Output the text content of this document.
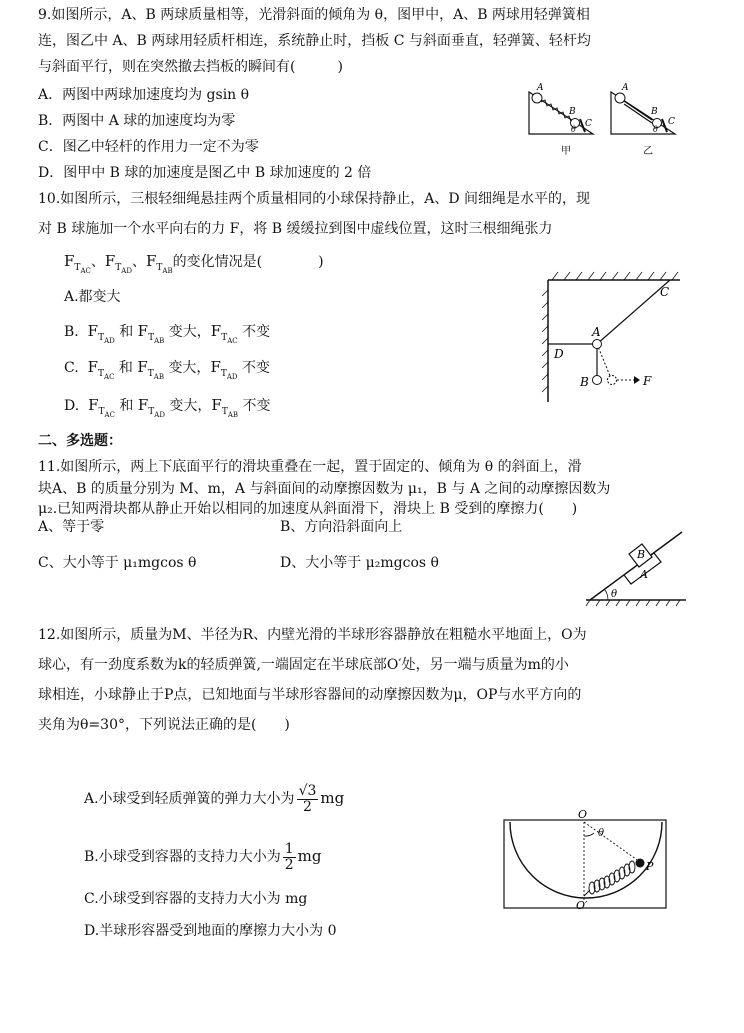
9.如图所示，A、B 两球质量相等，光滑斜面的倾角为 θ，图甲中，A、B 两球用轻弹簧相
连，图乙中 A、B 两球用轻质杆相连，系统静止时，挡板 C 与斜面垂直，轻弹簧、轻杆均
与斜面平行，则在突然撤去挡板的瞬间有(　　　)
A．两图中两球加速度均为 gsin θ
B．两图中 A 球的加速度均为零
C．图乙中轻杆的作用力一定不为零
D．图甲中 B 球的加速度是图乙中 B 球加速度的 2 倍
A
B
C
θ
甲
A
B
C
θ
乙
10.如图所示，三根轻细绳悬挂两个质量相同的小球保持静止，A、D 间细绳是水平的，现
对 B 球施加一个水平向右的力 F，将 B 缓缓拉到图中虚线位置，这时三根细绳张力
$F_{T_{AC}}$、$F_{T_{AD}}$、$F_{T_{AB}}$的变化情况是(　　　　)
A.都变大
B. $F_{T_{AD}}$ 和 $F_{T_{AB}}$ 变大，$F_{T_{AC}}$ 不变
C. $F_{T_{AC}}$ 和 $F_{T_{AB}}$ 变大，$F_{T_{AD}}$ 不变
D. $F_{T_{AC}}$ 和 $F_{T_{AD}}$ 变大，$F_{T_{AB}}$ 不变
C
A
D
B	F
二、多选题：
11.如图所示，两上下底面平行的滑块重叠在一起，置于固定的、倾角为 θ 的斜面上，滑
块A、B 的质量分别为 M、m，A 与斜面间的动摩擦因数为 μ₁，B 与 A 之间的动摩擦因数为
μ₂.已知两滑块都从静止开始以相同的加速度从斜面滑下，滑块上 B 受到的摩擦力(　　)
A、等于零	B、方向沿斜面向上
C、大小等于 μ₁mgcos θ	D、大小等于 μ₂mgcos θ
B
A
θ
12.如图所示，质量为M、半径为R、内壁光滑的半球形容器静放在粗糙水平地面上，O为
球心，有一劲度系数为k的轻质弹簧,一端固定在半球底部O′处，另一端与质量为m的小
球相连，小球静止于P点，已知地面与半球形容器间的动摩擦因数为μ，OP与水平方向的
夹角为θ=30°，下列说法正确的是(　　)
A.小球受到轻质弹簧的弹力大小为 $\frac{√3}{2}$ mg
B.小球受到容器的支持力大小为 $\frac{1}{2}$ mg
C.小球受到容器的支持力大小为 mg
D.半球形容器受到地面的摩擦力大小为 0
O
θ
P
O′
